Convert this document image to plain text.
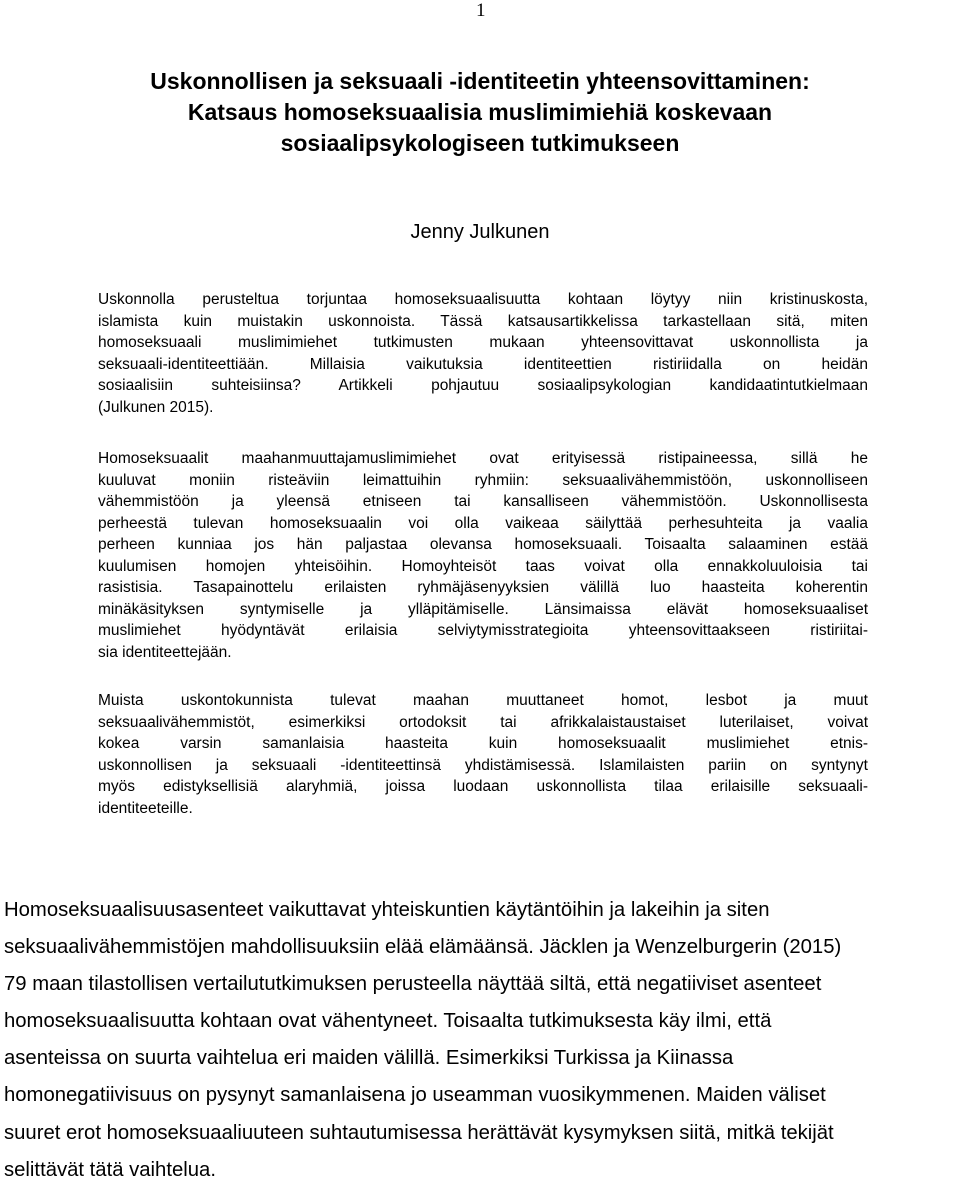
1
Uskonnollisen ja seksuaali -identiteetin yhteensovittaminen:
Katsaus homoseksuaalisia muslimimiehiä koskevaan
sosiaalipsykologiseen tutkimukseen
Jenny Julkunen
Uskonnolla perusteltua torjuntaa homoseksuaalisuutta kohtaan löytyy niin kristinuskosta,
islamista kuin muistakin uskonnoista. Tässä katsausartikkelissa tarkastellaan sitä, miten
homoseksuaali muslimimiehet tutkimusten mukaan yhteensovittavat uskonnollista ja
seksuaali-identiteettiään. Millaisia vaikutuksia identiteettien ristiriidalla on heidän
sosiaalisiin suhteisiinsa? Artikkeli pohjautuu sosiaalipsykologian kandidaatintutkielmaan
(Julkunen 2015).
Homoseksuaalit maahanmuuttajamuslimimiehet ovat erityisessä ristipaineessa, sillä he
kuuluvat moniin risteäviin leimattuihin ryhmiin: seksuaalivähemmistöön, uskonnolliseen
vähemmistöön ja yleensä etniseen tai kansalliseen vähemmistöön. Uskonnollisesta
perheestä tulevan homoseksuaalin voi olla vaikeaa säilyttää perhesuhteita ja vaalia
perheen kunniaa jos hän paljastaa olevansa homoseksuaali. Toisaalta salaaminen estää
kuulumisen homojen yhteisöihin. Homoyhteisöt taas voivat olla ennakkoluuloisia tai
rasistisia. Tasapainottelu erilaisten ryhmäjäsenyyksien välillä luo haasteita koherentin
minäkäsityksen syntymiselle ja ylläpitämiselle. Länsimaissa elävät homoseksuaaliset
muslimiehet hyödyntävät erilaisia selviytymisstrategioita yhteensovittaakseen ristiriitai-
sia identiteettejään.
Muista uskontokunnista tulevat maahan muuttaneet homot, lesbot ja muut
seksuaalivähemmistöt, esimerkiksi ortodoksit tai afrikkalaistaustaiset luterilaiset, voivat
kokea varsin samanlaisia haasteita kuin homoseksuaalit muslimiehet etnis-
uskonnollisen ja seksuaali -identiteettinsä yhdistämisessä. Islamilaisten pariin on syntynyt
myös edistyksellisiä alaryhmiä, joissa luodaan uskonnollista tilaa erilaisille seksuaali-
identiteeteille.
Homoseksuaalisuusasenteet vaikuttavat yhteiskuntien käytäntöihin ja lakeihin ja siten
seksuaalivähemmistöjen mahdollisuuksiin elää elämäänsä. Jäcklen ja Wenzelburgerin (2015)
79 maan tilastollisen vertailututkimuksen perusteella näyttää siltä, että negatiiviset asenteet
homoseksuaalisuutta kohtaan ovat vähentyneet. Toisaalta tutkimuksesta käy ilmi, että
asenteissa on suurta vaihtelua eri maiden välillä. Esimerkiksi Turkissa ja Kiinassa
homonegatiivisuus on pysynyt samanlaisena jo useamman vuosikymmenen. Maiden väliset
suuret erot homoseksuaaliuuteen suhtautumisessa herättävät kysymyksen siitä, mitkä tekijät
selittävät tätä vaihtelua.
